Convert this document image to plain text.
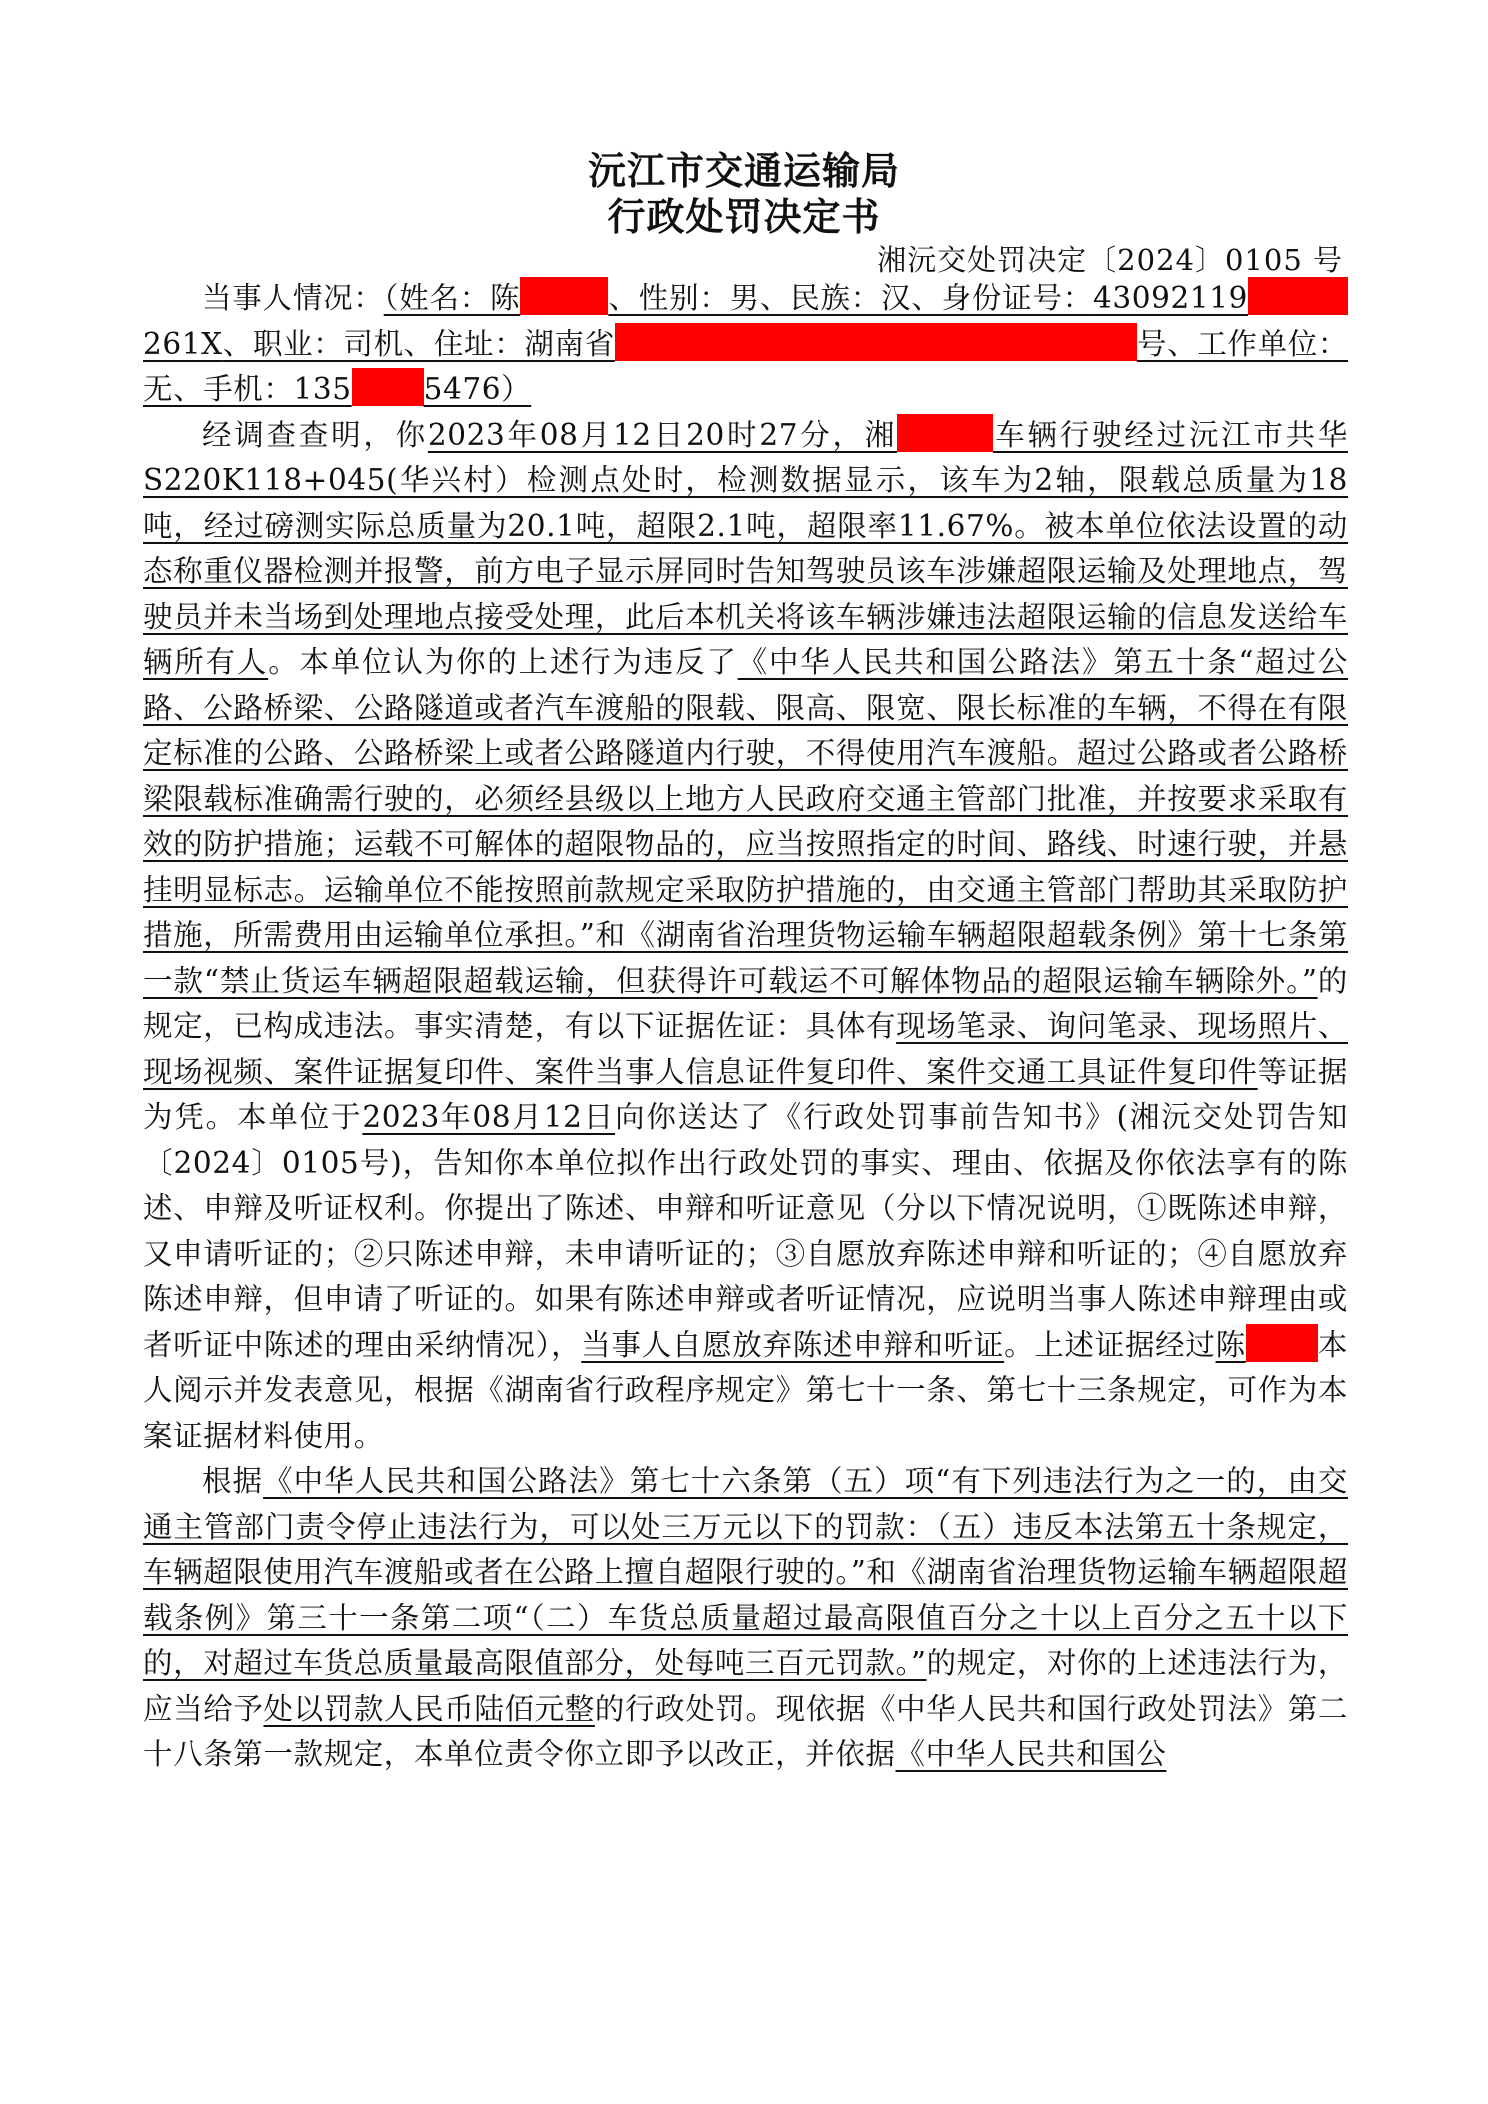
沅江市交通运输局
行政处罚决定书
湘沅交处罚决定〔2024〕0105 号

当事人情况：（姓名：陈	、性别：男、民族：汉、身份证号：43092119261X、职业：司机、住址：湖南省	号、工作单位：无、手机：135 5476）

经调查查明，你2023年08月12日20时27分，湘	车辆行驶经过沅江市共华S220K118+045(华兴村）检测点处时，检测数据显示，该车为2轴，限载总质量为18吨，经过磅测实际总质量为20.1吨，超限2.1吨，超限率11.67%。被本单位依法设置的动态称重仪器检测并报警，前方电子显示屏同时告知驾驶员该车涉嫌超限运输及处理地点，驾驶员并未当场到处理地点接受处理，此后本机关将该车辆涉嫌违法超限运输的信息发送给车辆所有人。本单位认为你的上述行为违反了《中华人民共和国公路法》第五十条“超过公路、公路桥梁、公路隧道或者汽车渡船的限载、限高、限宽、限长标准的车辆，不得在有限定标准的公路、公路桥梁上或者公路隧道内行驶，不得使用汽车渡船。超过公路或者公路桥梁限载标准确需行驶的，必须经县级以上地方人民政府交通主管部门批准，并按要求采取有效的防护措施；运载不可解体的超限物品的，应当按照指定的时间、路线、时速行驶，并悬挂明显标志。运输单位不能按照前款规定采取防护措施的，由交通主管部门帮助其采取防护措施，所需费用由运输单位承担。”和《湖南省治理货物运输车辆超限超载条例》第十七条第一款“禁止货运车辆超限超载运输，但获得许可载运不可解体物品的超限运输车辆除外。”的规定，已构成违法。事实清楚，有以下证据佐证：具体有现场笔录、询问笔录、现场照片、现场视频、案件证据复印件、案件当事人信息证件复印件、案件交通工具证件复印件等证据为凭。本单位于2023年08月12日向你送达了《行政处罚事前告知书》(湘沅交处罚告知〔2024〕0105号)，告知你本单位拟作出行政处罚的事实、理由、依据及你依法享有的陈述、申辩及听证权利。你提出了陈述、申辩和听证意见（分以下情况说明，①既陈述申辩，又申请听证的；②只陈述申辩，未申请听证的；③自愿放弃陈述申辩和听证的；④自愿放弃陈述申辩，但申请了听证的。如果有陈述申辩或者听证情况，应说明当事人陈述申辩理由或者听证中陈述的理由采纳情况），当事人自愿放弃陈述申辩和听证。上述证据经过陈 本人阅示并发表意见，根据《湖南省行政程序规定》第七十一条、第七十三条规定，可作为本案证据材料使用。

根据《中华人民共和国公路法》第七十六条第（五）项“有下列违法行为之一的，由交通主管部门责令停止违法行为，可以处三万元以下的罚款：（五）违反本法第五十条规定，车辆超限使用汽车渡船或者在公路上擅自超限行驶的。”和《湖南省治理货物运输车辆超限超载条例》第三十一条第二项“（二）车货总质量超过最高限值百分之十以上百分之五十以下的，对超过车货总质量最高限值部分，处每吨三百元罚款。”的规定，对你的上述违法行为，应当给予处以罚款人民币陆佰元整的行政处罚。现依据《中华人民共和国行政处罚法》第二十八条第一款规定，本单位责令你立即予以改正，并依据《中华人民共和国公
